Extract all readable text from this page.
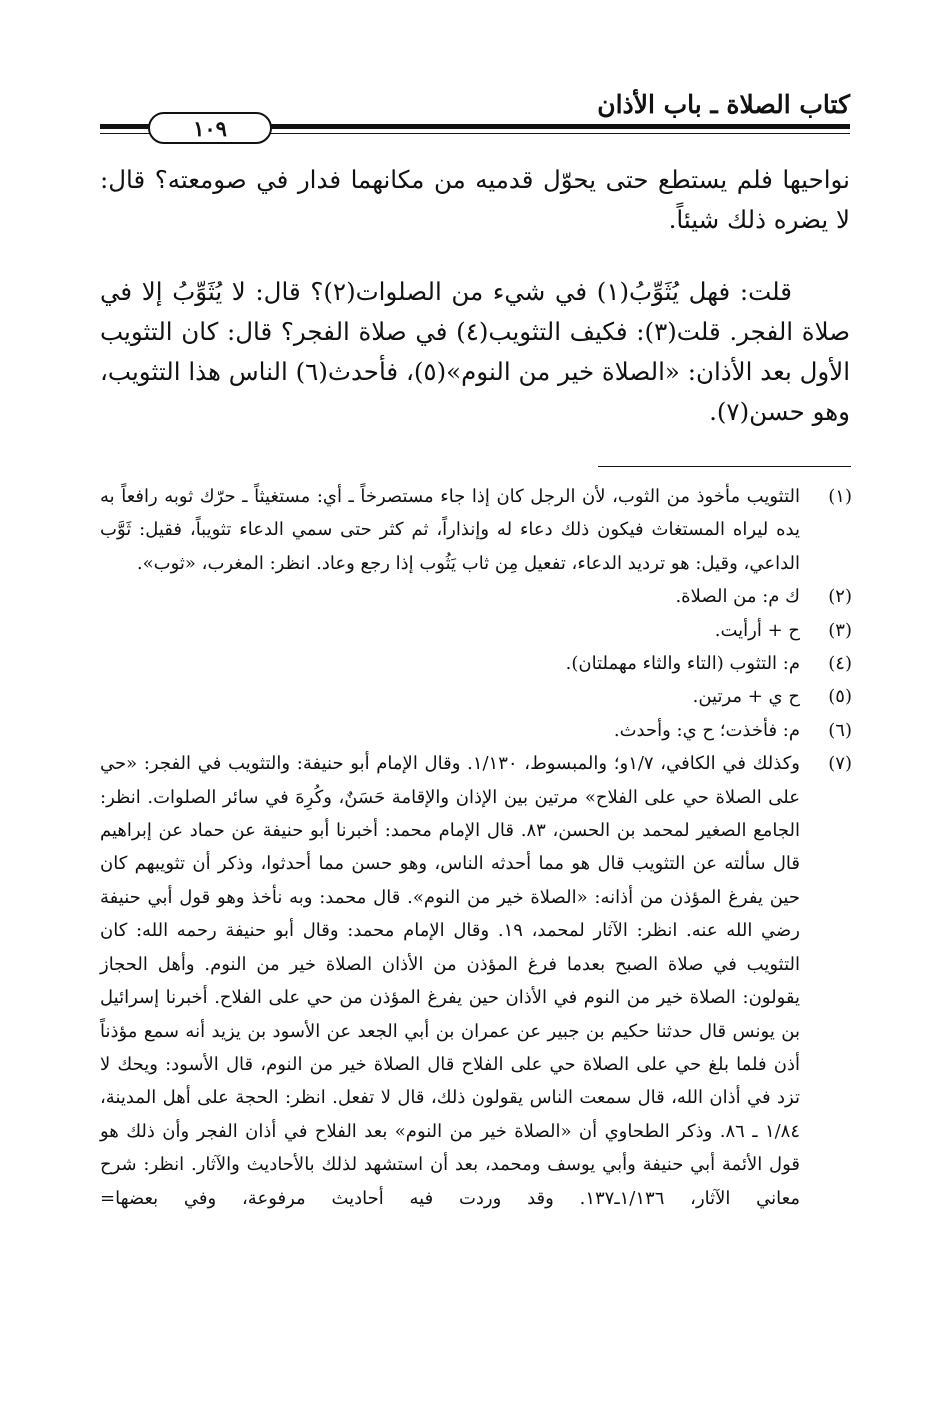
كتاب الصلاة ـ باب الأذان
١٠٩

نواحيها فلم يستطع حتى يحوّل قدميه من مكانهما فدار في صومعته؟ قال: لا يضره ذلك شيئاً.

قلت: فهل يُثَوِّبُ(١) في شيء من الصلوات(٢)؟ قال: لا يُثَوِّبُ إلا في صلاة الفجر. قلت(٣): فكيف التثويب(٤) في صلاة الفجر؟ قال: كان التثويب الأول بعد الأذان: «الصلاة خير من النوم»(٥)، فأحدث(٦) الناس هذا التثويب، وهو حسن(٧).

(١)
التثويب مأخوذ من الثوب، لأن الرجل كان إذا جاء مستصرخاً ـ أي: مستغيثاً ـ حرّك ثوبه رافعاً به يده ليراه المستغاث فيكون ذلك دعاء له وإنذاراً، ثم كثر حتى سمي الدعاء تثويباً، فقيل: ثَوَّب الداعي، وقيل: هو ترديد الدعاء، تفعيل مِن ثاب يَثُوب إذا رجع وعاد. انظر: المغرب، «ثوب».
(٢)
ك م: من الصلاة.
(٣)
ح + أرأيت.
(٤)
م: التثوب (التاء والثاء مهملتان).
(٥)
ح ي + مرتين.
(٦)
م: فأخذت؛ ح ي: وأحدث.
(٧)
وكذلك في الكافي، ١/٧و؛ والمبسوط، ١/١٣٠. وقال الإمام أبو حنيفة: والتثويب في الفجر: «حي على الصلاة حي على الفلاح» مرتين بين الإذان والإقامة حَسَنٌ، وكُرِهَ في سائر الصلوات. انظر: الجامع الصغير لمحمد بن الحسن، ٨٣. قال الإمام محمد: أخبرنا أبو حنيفة عن حماد عن إبراهيم قال سألته عن التثويب قال هو مما أحدثه الناس، وهو حسن مما أحدثوا، وذكر أن تثويبهم كان حين يفرغ المؤذن من أذانه: «الصلاة خير من النوم». قال محمد: وبه نأخذ وهو قول أبي حنيفة رضي الله عنه. انظر: الآثار لمحمد، ١٩. وقال الإمام محمد: وقال أبو حنيفة رحمه الله: كان التثويب في صلاة الصبح بعدما فرغ المؤذن من الأذان الصلاة خير من النوم. وأهل الحجاز يقولون: الصلاة خير من النوم في الأذان حين يفرغ المؤذن من حي على الفلاح. أخبرنا إسرائيل بن يونس قال حدثنا حكيم بن جبير عن عمران بن أبي الجعد عن الأسود بن يزيد أنه سمع مؤذناً أذن فلما بلغ حي على الصلاة حي على الفلاح قال الصلاة خير من النوم، قال الأسود: ويحك لا تزد في أذان الله، قال سمعت الناس يقولون ذلك، قال لا تفعل. انظر: الحجة على أهل المدينة، ١/٨٤ ـ ٨٦. وذكر الطحاوي أن «الصلاة خير من النوم» بعد الفلاح في أذان الفجر وأن ذلك هو قول الأئمة أبي حنيفة وأبي يوسف ومحمد، بعد أن استشهد لذلك بالأحاديث والآثار. انظر: شرح معاني الآثار، ١/١٣٦ـ١٣٧. وقد وردت فيه أحاديث مرفوعة، وفي بعضها=
